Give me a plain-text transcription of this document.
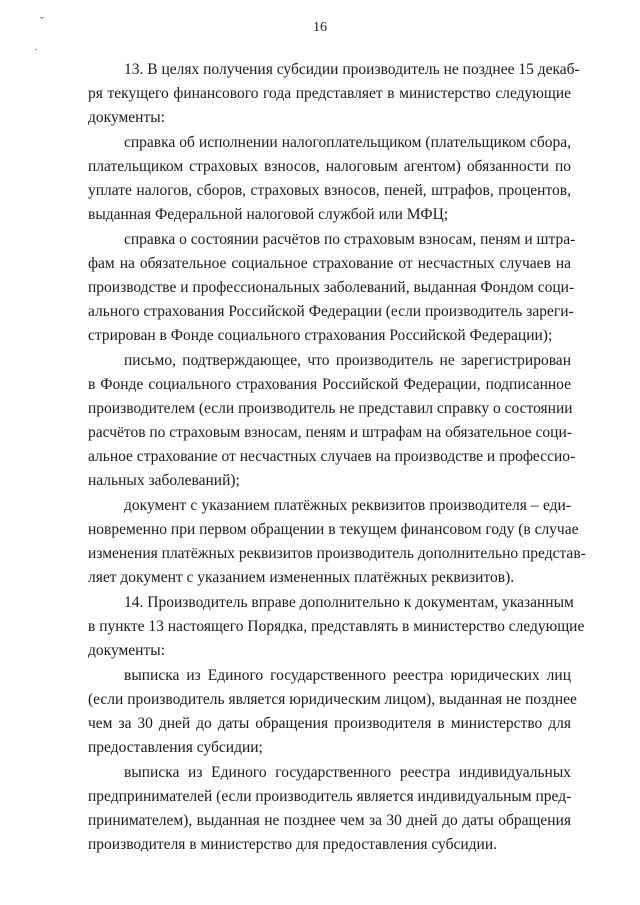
ˇ
·
16
13. В целях получения субсидии производитель не позднее 15 декаб-
ря текущего финансового года представляет в министерство следующие
документы:
справка об исполнении налогоплательщиком (плательщиком сбора,
плательщиком страховых взносов, налоговым агентом) обязанности по
уплате налогов, сборов, страховых взносов, пеней, штрафов, процентов,
выданная Федеральной налоговой службой или МФЦ;
справка о состоянии расчётов по страховым взносам, пеням и штра-
фам на обязательное социальное страхование от несчастных случаев на
производстве и профессиональных заболеваний, выданная Фондом соци-
ального страхования Российской Федерации (если производитель зареги-
стрирован в Фонде социального страхования Российской Федерации);
письмо, подтверждающее, что производитель не зарегистрирован
в Фонде социального страхования Российской Федерации, подписанное
производителем (если производитель не представил справку о состоянии
расчётов по страховым взносам, пеням и штрафам на обязательное соци-
альное страхование от несчастных случаев на производстве и профессио-
нальных заболеваний);
документ с указанием платёжных реквизитов производителя – еди-
новременно при первом обращении в текущем финансовом году (в случае
изменения платёжных реквизитов производитель дополнительно представ-
ляет документ с указанием измененных платёжных реквизитов).
14. Производитель вправе дополнительно к документам, указанным
в пункте 13 настоящего Порядка, представлять в министерство следующие
документы:
выписка из Единого государственного реестра юридических лиц
(если производитель является юридическим лицом), выданная не позднее
чем за 30 дней до даты обращения производителя в министерство для
предоставления субсидии;
выписка из Единого государственного реестра индивидуальных
предпринимателей (если производитель является индивидуальным пред-
принимателем), выданная не позднее чем за 30 дней до даты обращения
производителя в министерство для предоставления субсидии.
